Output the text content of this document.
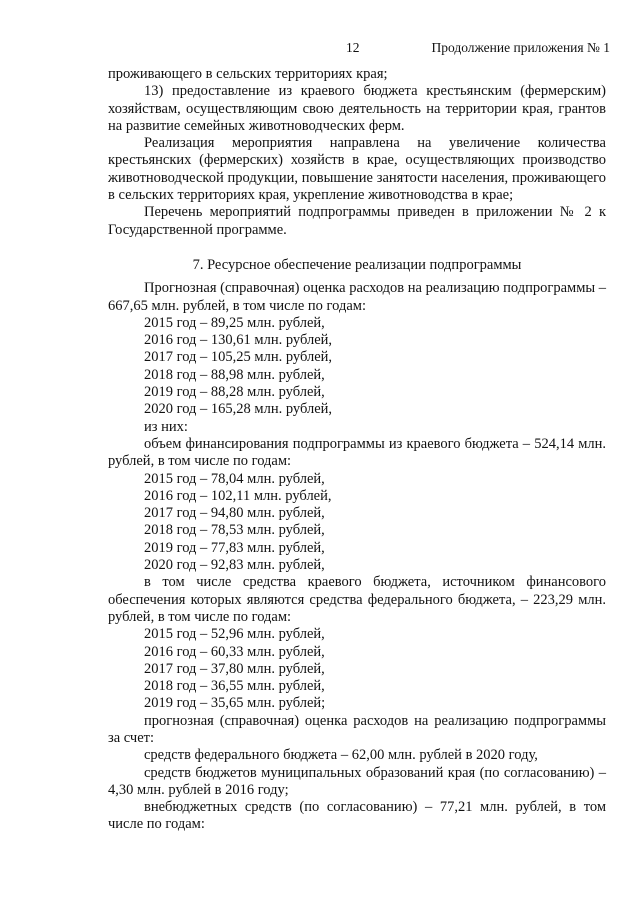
12	Продолжение приложения № 1

проживающего в сельских территориях края;

13) предоставление из краевого бюджета крестьянским (фермерским) хозяйствам, осуществляющим свою деятельность на территории края, грантов на развитие семейных животноводческих ферм.

Реализация мероприятия направлена на увеличение количества крестьянских (фермерских) хозяйств в крае, осуществляющих производство животноводческой продукции, повышение занятости населения, проживающего в сельских территориях края, укрепление животноводства в крае;

Перечень мероприятий подпрограммы приведен в приложении № 2 к Государственной программе.

7. Ресурсное обеспечение реализации подпрограммы

Прогнозная (справочная) оценка расходов на реализацию подпрограммы – 667,65 млн. рублей, в том числе по годам:

2015 год – 89,25 млн. рублей,

2016 год – 130,61 млн. рублей,

2017 год – 105,25 млн. рублей,

2018 год – 88,98 млн. рублей,

2019 год – 88,28 млн. рублей,

2020 год – 165,28 млн. рублей,

из них:

объем финансирования подпрограммы из краевого бюджета – 524,14 млн. рублей, в том числе по годам:

2015 год – 78,04 млн. рублей,

2016 год – 102,11 млн. рублей,

2017 год – 94,80 млн. рублей,

2018 год – 78,53 млн. рублей,

2019 год – 77,83 млн. рублей,

2020 год – 92,83 млн. рублей,

в том числе средства краевого бюджета, источником финансового обеспечения которых являются средства федерального бюджета, – 223,29 млн. рублей, в том числе по годам:

2015 год – 52,96 млн. рублей,

2016 год – 60,33 млн. рублей,

2017 год – 37,80 млн. рублей,

2018 год – 36,55 млн. рублей,

2019 год – 35,65 млн. рублей;

прогнозная (справочная) оценка расходов на реализацию подпрограммы за счет:

средств федерального бюджета – 62,00 млн. рублей в 2020 году,

средств бюджетов муниципальных образований края (по согласованию) – 4,30 млн. рублей в 2016 году;

внебюджетных средств (по согласованию) – 77,21 млн. рублей, в том числе по годам:
